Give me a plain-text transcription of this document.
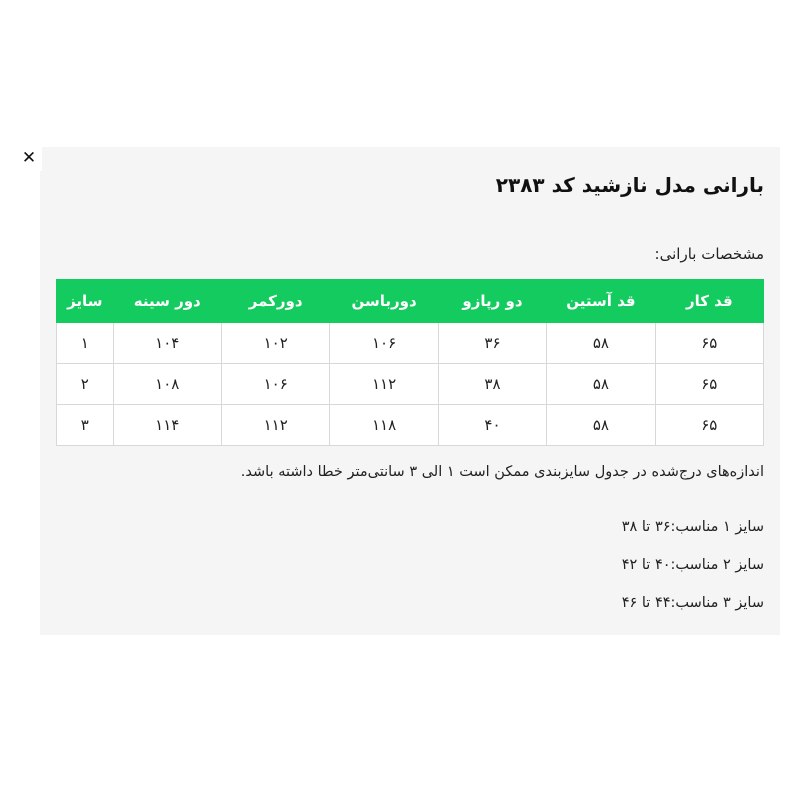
بارانی مدل نازشید کد ۲۳۸۳
مشخصات بارانی:
قد کار	قد آستین	دو رپازو	دورباسن	دورکمر	دور سینه	سایز
۶۵	۵۸	۳۶	۱۰۶	۱۰۲	۱۰۴	۱
۶۵	۵۸	۳۸	۱۱۲	۱۰۶	۱۰۸	۲
۶۵	۵۸	۴۰	۱۱۸	۱۱۲	۱۱۴	۳

اندازه‌های درج‌شده در جدول سایزبندی ممکن است ۱ الی ۳ سانتی‌متر خطا داشته باشد.

سایز ۱ مناسب:۳۶ تا ۳۸
سایز ۲ مناسب:۴۰ تا ۴۲
سایز ۳ مناسب:۴۴ تا ۴۶
✕
